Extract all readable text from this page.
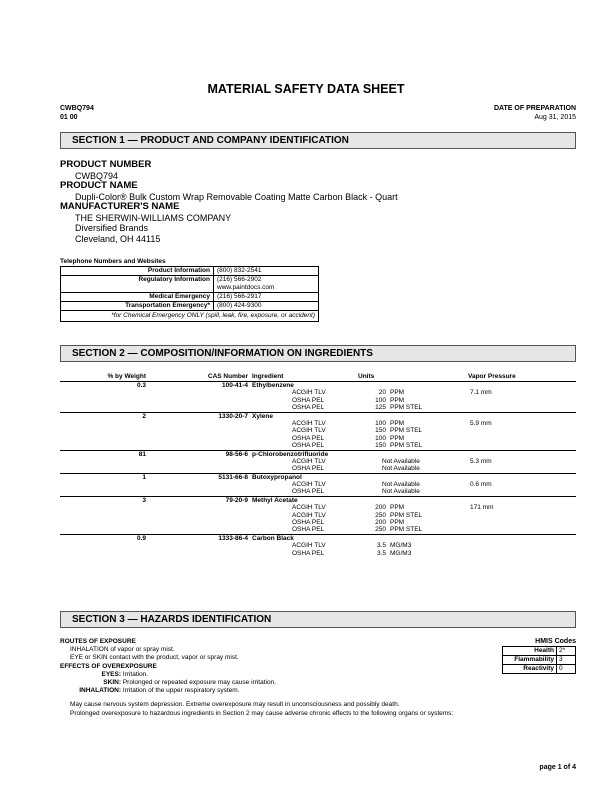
MATERIAL SAFETY DATA SHEET
CWBQ794
01 00
DATE OF PREPARATION
Aug 31, 2015
SECTION 1 — PRODUCT AND COMPANY IDENTIFICATION
PRODUCT NUMBER
CWBQ794
PRODUCT NAME
Dupli-Color® Bulk Custom Wrap Removable Coating Matte Carbon Black - Quart
MANUFACTURER'S NAME
THE SHERWIN-WILLIAMS COMPANY
Diversified Brands
Cleveland, OH 44115
Telephone Numbers and Websites
Product Information	(800) 832-2541
Regulatory Information	(216) 566-2902
www.paintdocs.com

Medical Emergency	(216) 566-2917
Transportation Emergency*	(800) 424-9300
*for Chemical Emergency ONLY (spill, leak, fire, exposure, or accident)	
SECTION 2 — COMPOSITION/INFORMATION ON INGREDIENTS
% by Weight	CAS Number Ingredient	Units	Vapor Pressure
0.3	100-41-4 Ethylbenzene
ACGIH TLV	20 PPM	7.1 mm
OSHA PEL	100 PPM
OSHA PEL	125 PPM STEL
2	1330-20-7 Xylene
ACGIH TLV	100 PPM	5.9 mm
ACGIH TLV	150 PPM STEL
OSHA PEL	100 PPM
OSHA PEL	150 PPM STEL
81	98-56-6 p-Chlorobenzotrifluoride
ACGIH TLV	Not Available	5.3 mm
OSHA PEL	Not Available
1	5131-66-8 Butoxypropanol
ACGIH TLV	Not Available	0.6 mm
OSHA PEL	Not Available
3	79-20-9 Methyl Acetate
ACGIH TLV	200 PPM	171 mm
ACGIH TLV	250 PPM STEL
OSHA PEL	200 PPM
OSHA PEL	250 PPM STEL
0.9	1333-86-4 Carbon Black
ACGIH TLV	3.5 MG/M3
OSHA PEL	3.5 MG/M3
SECTION 3 — HAZARDS IDENTIFICATION
HMIS Codes
Health	2*
Flammability	3
Reactivity	0
ROUTES OF EXPOSURE
INHALATION of vapor or spray mist.
EYE or SKIN contact with the product, vapor or spray mist.
EFFECTS OF OVEREXPOSURE
EYES: Irritation.
SKIN: Prolonged or repeated exposure may cause irritation.
INHALATION: Irritation of the upper respiratory system.
May cause nervous system depression. Extreme overexposure may result in unconsciousness and possibly death.
Prolonged overexposure to hazardous ingredients in Section 2 may cause adverse chronic effects to the following organs or systems:
page 1 of 4
